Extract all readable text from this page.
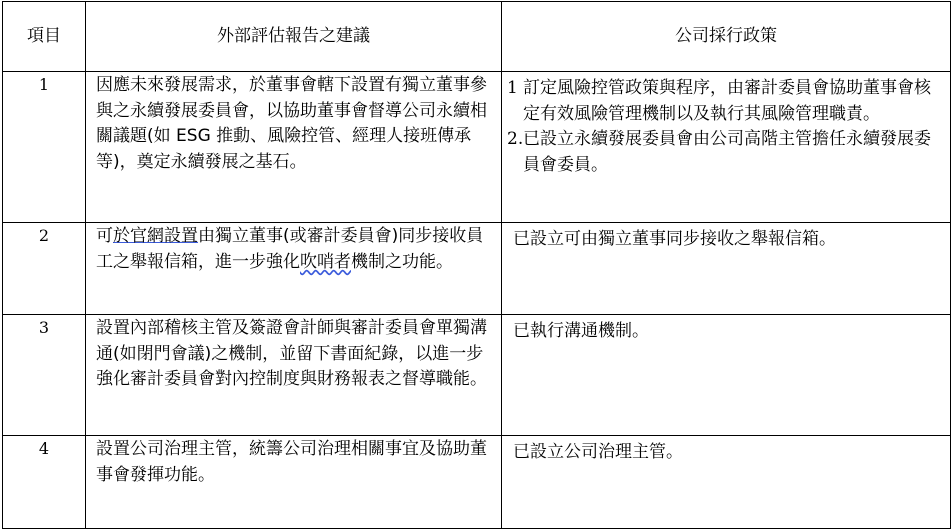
項目	外部評估報告之建議	公司採行政策
1	因應未來發展需求，於董事會轄下設置有獨立董事參與之永續發展委員會，以協助董事會督導公司永續相關議題(如 ESG 推動、風險控管、經理人接班傳承等)，奠定永續發展之基石。	1 訂定風險控管政策與程序，由審計委員會協助董事會核定有效風險管理機制以及執行其風險管理職責。
2. 已設立永續發展委員會由公司高階主管擔任永續發展委員會委員。

2	可於官網設置由獨立董事(或審計委員會)同步接收員工之舉報信箱，進一步強化吹哨者機制之功能。	已設立可由獨立董事同步接收之舉報信箱。
3	設置內部稽核主管及簽證會計師與審計委員會單獨溝通(如閉門會議)之機制，並留下書面紀錄，以進一步強化審計委員會對內控制度與財務報表之督導職能。	已執行溝通機制。
4	設置公司治理主管，統籌公司治理相關事宜及協助董事會發揮功能。	已設立公司治理主管。
